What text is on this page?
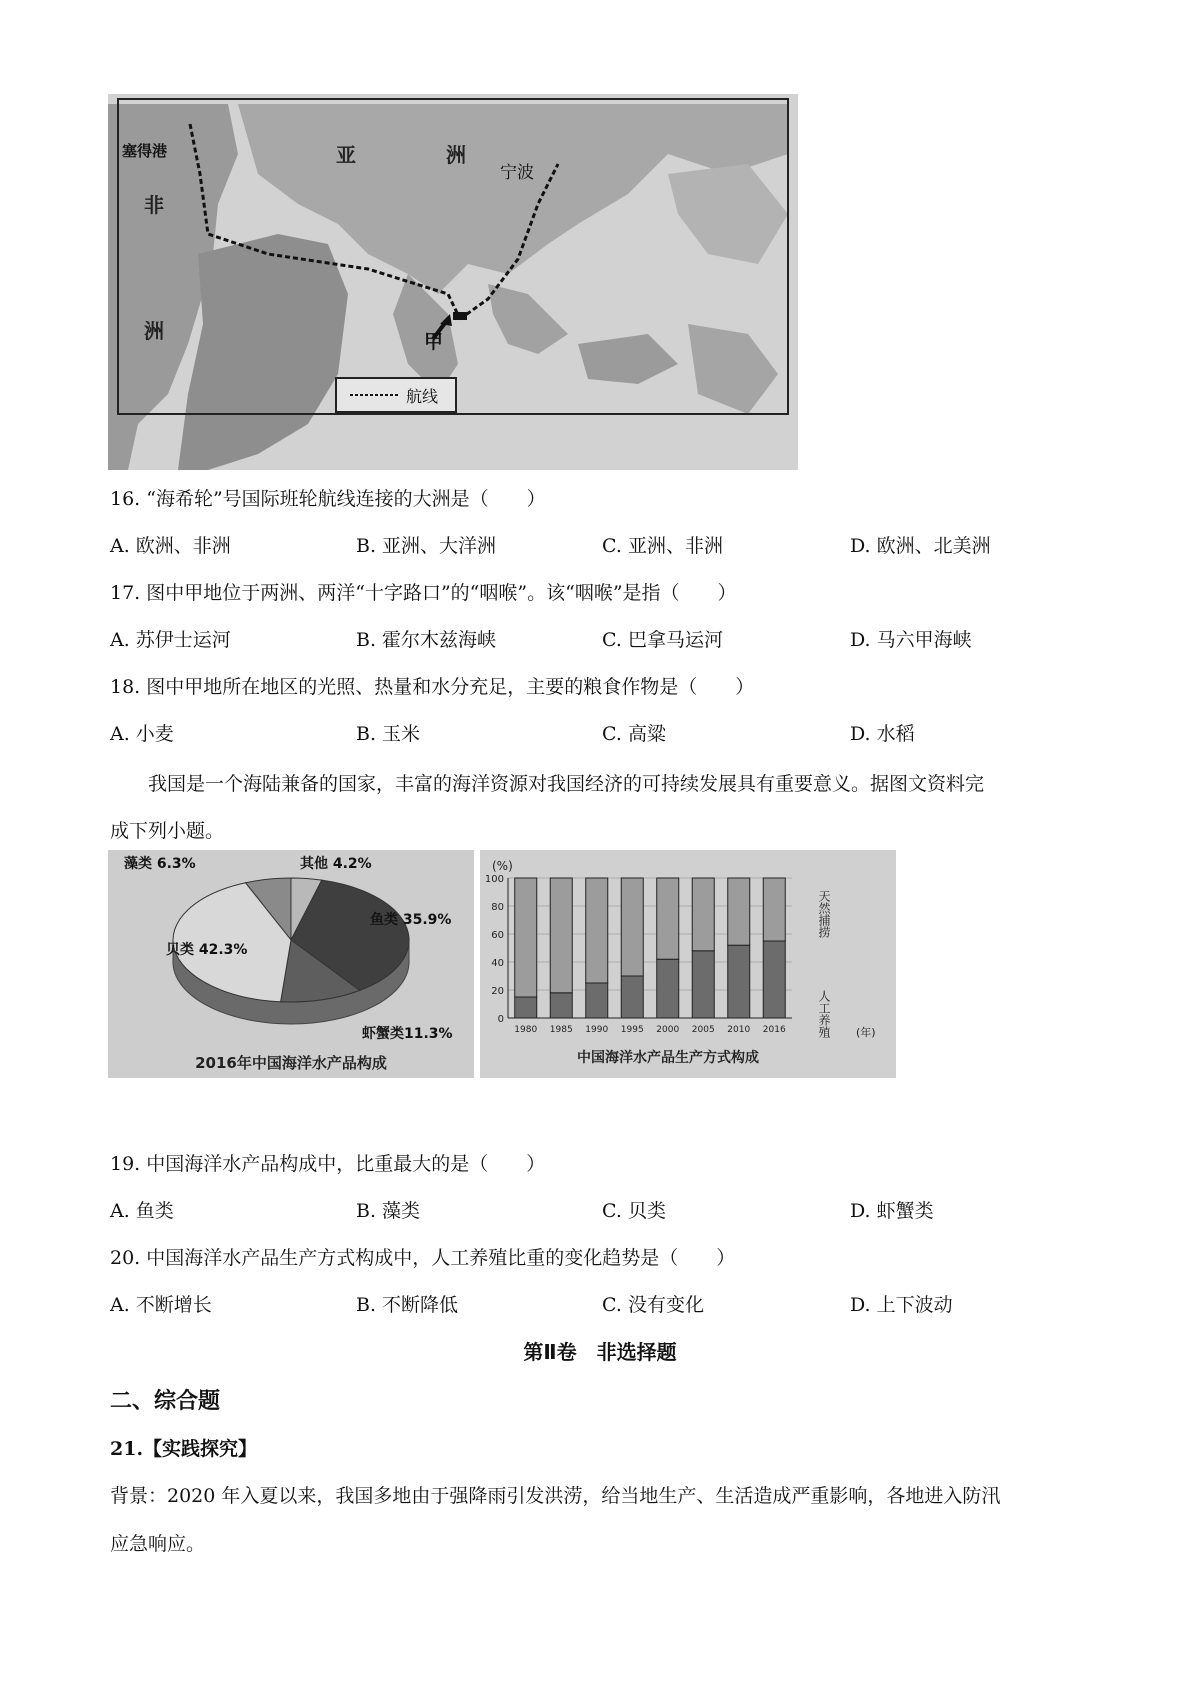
塞得港	亚	洲
非
洲
宁波
甲
航线
16. “海希轮”号国际班轮航线连接的大洲是（　　）
A. 欧洲、非洲	B. 亚洲、大洋洲	C. 亚洲、非洲	D. 欧洲、北美洲
17. 图中甲地位于两洲、两洋“十字路口”的“咽喉”。该“咽喉”是指（　　）
A. 苏伊士运河	B. 霍尔木兹海峡	C. 巴拿马运河	D. 马六甲海峡
18. 图中甲地所在地区的光照、热量和水分充足，主要的粮食作物是（　　）
A. 小麦	B. 玉米	C. 高粱	D. 水稻
我国是一个海陆兼备的国家，丰富的海洋资源对我国经济的可持续发展具有重要意义。据图文资料完
成下列小题。
藻类 6.3%	其他 4.2%
鱼类 35.9%
虾蟹类11.3%
贝类 42.3%
2016年中国海洋水产品构成
1980 1985 1990 1995 2000 2005 2010 2016
0
20
40
60
80
100
人工养殖
天然捕捞
(%)
(年)
中国海洋水产品生产方式构成
19. 中国海洋水产品构成中，比重最大的是（　　）
A. 鱼类	B. 藻类	C. 贝类	D. 虾蟹类
20. 中国海洋水产品生产方式构成中，人工养殖比重的变化趋势是（　　）
A. 不断增长	B. 不断降低	C. 没有变化	D. 上下波动
第Ⅱ卷　非选择题
二、综合题
21.【实践探究】
背景：2020 年入夏以来，我国多地由于强降雨引发洪涝，给当地生产、生活造成严重影响，各地进入防汛
应急响应。
